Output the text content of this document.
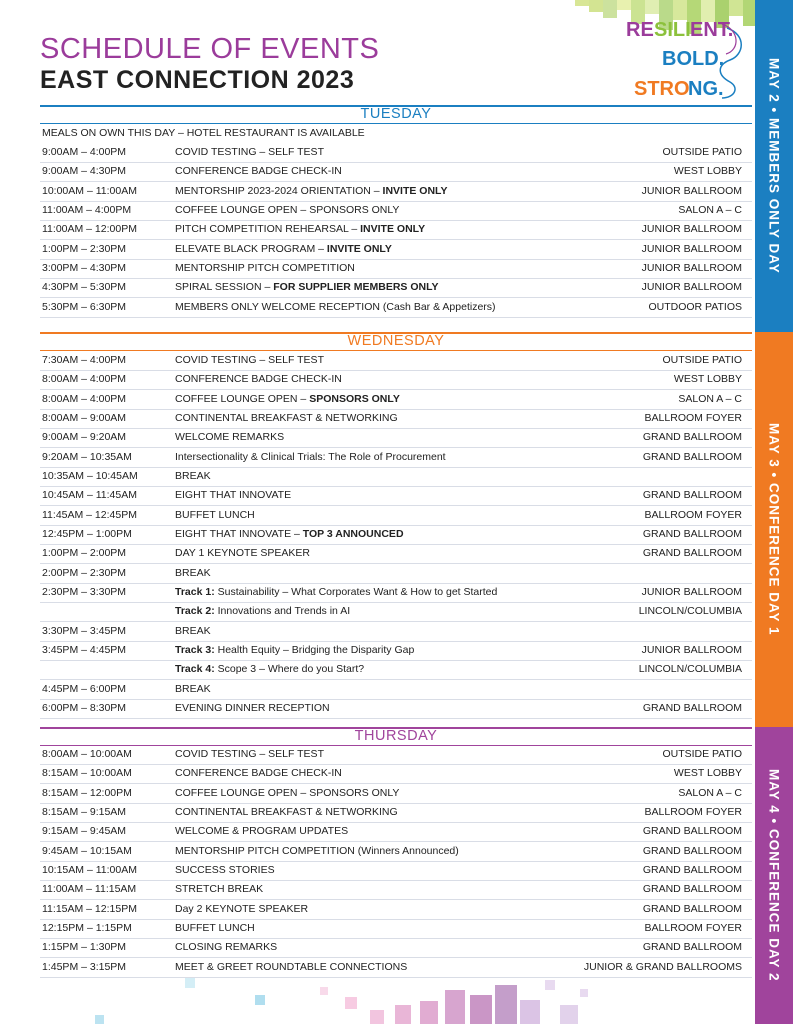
SCHEDULE OF EVENTS
EAST CONNECTION 2023
RE SILI ENT.
BOLD.
STRO
NG.	MAY 2 • MEMBERS ONLY DAY
MAY 3 • CONFERENCE DAY 1
MAY 4 • CONFERENCE DAY 2
TUESDAY
MEALS ON OWN THIS DAY – HOTEL RESTAURANT IS AVAILABLE
9:00AM – 4:00PM	COVID TESTING – SELF TEST	OUTSIDE PATIO
9:00AM – 4:30PM	CONFERENCE BADGE CHECK-IN	WEST LOBBY
10:00AM – 11:00AM	MENTORSHIP 2023-2024 ORIENTATION – INVITE ONLY	JUNIOR BALLROOM
11:00AM – 4:00PM	COFFEE LOUNGE OPEN – SPONSORS ONLY	SALON A – C
11:00AM – 12:00PM	PITCH COMPETITION REHEARSAL – INVITE ONLY	JUNIOR BALLROOM
1:00PM – 2:30PM	ELEVATE BLACK PROGRAM – INVITE ONLY	JUNIOR BALLROOM
3:00PM – 4:30PM	MENTORSHIP PITCH COMPETITION	JUNIOR BALLROOM
4:30PM – 5:30PM	SPIRAL SESSION – FOR SUPPLIER MEMBERS ONLY	JUNIOR BALLROOM
5:30PM – 6:30PM	MEMBERS ONLY WELCOME RECEPTION (Cash Bar & Appetizers)	OUTDOOR PATIOS
WEDNESDAY
7:30AM – 4:00PM	COVID TESTING – SELF TEST	OUTSIDE PATIO
8:00AM – 4:00PM	CONFERENCE BADGE CHECK-IN	WEST LOBBY
8:00AM – 4:00PM	COFFEE LOUNGE OPEN – SPONSORS ONLY	SALON A – C
8:00AM – 9:00AM	CONTINENTAL BREAKFAST & NETWORKING	BALLROOM FOYER
9:00AM – 9:20AM	WELCOME REMARKS	GRAND BALLROOM
9:20AM – 10:35AM	Intersectionality & Clinical Trials: The Role of Procurement	GRAND BALLROOM
10:35AM – 10:45AM	BREAK
10:45AM – 11:45AM	EIGHT THAT INNOVATE	GRAND BALLROOM
11:45AM – 12:45PM	BUFFET LUNCH	BALLROOM FOYER
12:45PM – 1:00PM	EIGHT THAT INNOVATE – TOP 3 ANNOUNCED	GRAND BALLROOM
1:00PM – 2:00PM	DAY 1 KEYNOTE SPEAKER	GRAND BALLROOM
2:00PM – 2:30PM	BREAK
2:30PM – 3:30PM	Track 1: Sustainability – What Corporates Want & How to get Started	JUNIOR BALLROOM
Track 2: Innovations and Trends in AI	LINCOLN/COLUMBIA
3:30PM – 3:45PM	BREAK
3:45PM – 4:45PM	Track 3: Health Equity – Bridging the Disparity Gap	JUNIOR BALLROOM
Track 4: Scope 3 – Where do you Start?	LINCOLN/COLUMBIA
4:45PM – 6:00PM	BREAK
6:00PM – 8:30PM	EVENING DINNER RECEPTION	GRAND BALLROOM
THURSDAY
8:00AM – 10:00AM	COVID TESTING – SELF TEST	OUTSIDE PATIO
8:15AM – 10:00AM	CONFERENCE BADGE CHECK-IN	WEST LOBBY
8:15AM – 12:00PM	COFFEE LOUNGE OPEN – SPONSORS ONLY	SALON A – C
8:15AM – 9:15AM	CONTINENTAL BREAKFAST & NETWORKING	BALLROOM FOYER
9:15AM – 9:45AM	WELCOME & PROGRAM UPDATES	GRAND BALLROOM
9:45AM – 10:15AM	MENTORSHIP PITCH COMPETITION (Winners Announced)	GRAND BALLROOM
10:15AM – 11:00AM	SUCCESS STORIES	GRAND BALLROOM
11:00AM – 11:15AM	STRETCH BREAK	GRAND BALLROOM
11:15AM – 12:15PM	Day 2 KEYNOTE SPEAKER	GRAND BALLROOM
12:15PM – 1:15PM	BUFFET LUNCH	BALLROOM FOYER
1:15PM – 1:30PM	CLOSING REMARKS	GRAND BALLROOM
1:45PM – 3:15PM	MEET & GREET ROUNDTABLE CONNECTIONS	JUNIOR & GRAND BALLROOMS
